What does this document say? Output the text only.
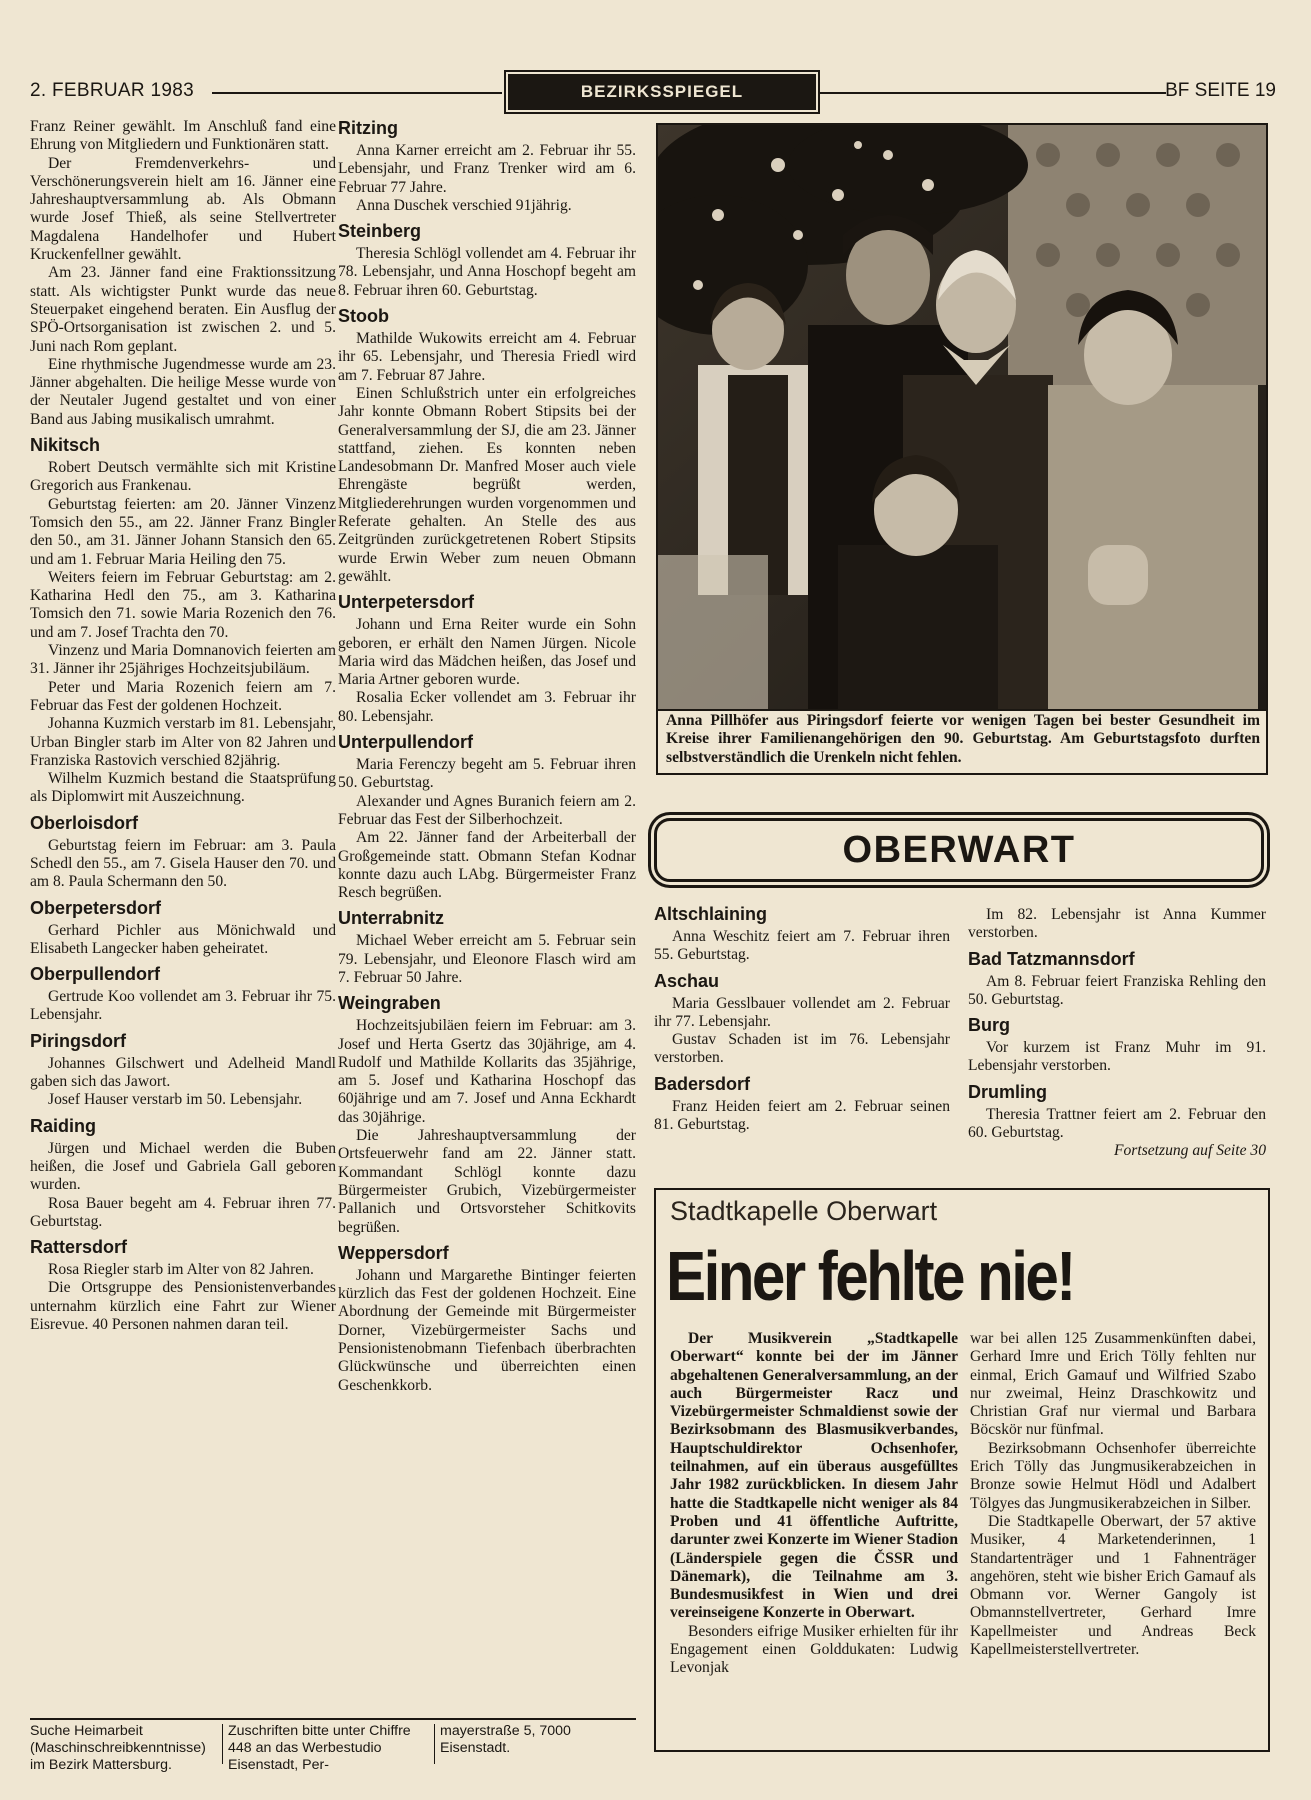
2. FEBRUAR 1983	BEZIRKSSPIEGEL	BF SEITE 19

Franz Reiner gewählt. Im Anschluß fand eine Ehrung von Mitgliedern und Funktionären statt.

Der Fremdenverkehrs- und Verschönerungsverein hielt am 16. Jänner eine Jahreshauptversammlung ab. Als Obmann wurde Josef Thieß, als seine Stellvertreter Magdalena Handelhofer und Hubert Kruckenfellner gewählt.

Am 23. Jänner fand eine Fraktionssitzung statt. Als wichtigster Punkt wurde das neue Steuerpaket eingehend beraten. Ein Ausflug der SPÖ-Ortsorganisation ist zwischen 2. und 5. Juni nach Rom geplant.

Eine rhythmische Jugendmesse wurde am 23. Jänner abgehalten. Die heilige Messe wurde von der Neutaler Jugend gestaltet und von einer Band aus Jabing musikalisch umrahmt.

Nikitsch

Robert Deutsch vermählte sich mit Kristine Gregorich aus Frankenau.

Geburtstag feierten: am 20. Jänner Vinzenz Tomsich den 55., am 22. Jänner Franz Bingler den 50., am 31. Jänner Johann Stansich den 65. und am 1. Februar Maria Heiling den 75.

Weiters feiern im Februar Geburtstag: am 2. Katharina Hedl den 75., am 3. Katharina Tomsich den 71. sowie Maria Rozenich den 76. und am 7. Josef Trachta den 70.

Vinzenz und Maria Domnanovich feierten am 31. Jänner ihr 25jähriges Hochzeitsjubiläum.

Peter und Maria Rozenich feiern am 7. Februar das Fest der goldenen Hochzeit.

Johanna Kuzmich verstarb im 81. Lebensjahr, Urban Bingler starb im Alter von 82 Jahren und Franziska Rastovich verschied 82jährig.

Wilhelm Kuzmich bestand die Staatsprüfung als Diplomwirt mit Auszeichnung.

Oberloisdorf

Geburtstag feiern im Februar: am 3. Paula Schedl den 55., am 7. Gisela Hauser den 70. und am 8. Paula Schermann den 50.

Oberpetersdorf

Gerhard Pichler aus Mönichwald und Elisabeth Langecker haben geheiratet.

Oberpullendorf

Gertrude Koo vollendet am 3. Februar ihr 75. Lebensjahr.

Piringsdorf

Johannes Gilschwert und Adelheid Mandl gaben sich das Jawort.

Josef Hauser verstarb im 50. Lebensjahr.

Raiding

Jürgen und Michael werden die Buben heißen, die Josef und Gabriela Gall geboren wurden.

Rosa Bauer begeht am 4. Februar ihren 77. Geburtstag.

Rattersdorf

Rosa Riegler starb im Alter von 82 Jahren.

Die Ortsgruppe des Pensionistenverbandes unternahm kürzlich eine Fahrt zur Wiener Eisrevue. 40 Personen nahmen daran teil.

Ritzing

Anna Karner erreicht am 2. Februar ihr 55. Lebensjahr, und Franz Trenker wird am 6. Februar 77 Jahre.

Anna Duschek verschied 91jährig.

Steinberg

Theresia Schlögl vollendet am 4. Februar ihr 78. Lebensjahr, und Anna Hoschopf begeht am 8. Februar ihren 60. Geburtstag.

Stoob

Mathilde Wukowits erreicht am 4. Februar ihr 65. Lebensjahr, und Theresia Friedl wird am 7. Februar 87 Jahre.

Einen Schlußstrich unter ein erfolgreiches Jahr konnte Obmann Robert Stipsits bei der Generalversammlung der SJ, die am 23. Jänner stattfand, ziehen. Es konnten neben Landesobmann Dr. Manfred Moser auch viele Ehrengäste begrüßt werden, Mitgliederehrungen wurden vorgenommen und Referate gehalten. An Stelle des aus Zeitgründen zurückgetretenen Robert Stipsits wurde Erwin Weber zum neuen Obmann gewählt.

Unterpetersdorf

Johann und Erna Reiter wurde ein Sohn geboren, er erhält den Namen Jürgen. Nicole Maria wird das Mädchen heißen, das Josef und Maria Artner geboren wurde.

Rosalia Ecker vollendet am 3. Februar ihr 80. Lebensjahr.

Unterpullendorf

Maria Ferenczy begeht am 5. Februar ihren 50. Geburtstag.

Alexander und Agnes Buranich feiern am 2. Februar das Fest der Silberhochzeit.

Am 22. Jänner fand der Arbeiterball der Großgemeinde statt. Obmann Stefan Kodnar konnte dazu auch LAbg. Bürgermeister Franz Resch begrüßen.

Unterrabnitz

Michael Weber erreicht am 5. Februar sein 79. Lebensjahr, und Eleonore Flasch wird am 7. Februar 50 Jahre.

Weingraben

Hochzeitsjubiläen feiern im Februar: am 3. Josef und Herta Gsertz das 30jährige, am 4. Rudolf und Mathilde Kollarits das 35jährige, am 5. Josef und Katharina Hoschopf das 60jährige und am 7. Josef und Anna Eckhardt das 30jährige.

Die Jahreshauptversammlung der Ortsfeuerwehr fand am 22. Jänner statt. Kommandant Schlögl konnte dazu Bürgermeister Grubich, Vizebürgermeister Pallanich und Ortsvorsteher Schitkovits begrüßen.

Weppersdorf

Johann und Margarethe Bintinger feierten kürzlich das Fest der goldenen Hochzeit. Eine Abordnung der Gemeinde mit Bürgermeister Dorner, Vizebürgermeister Sachs und Pensionistenobmann Tiefenbach überbrachten Glückwünsche und überreichten einen Geschenkkorb.

Anna Pillhöfer aus Piringsdorf feierte vor wenigen Tagen bei bester Gesundheit im Kreise ihrer Familienangehörigen den 90. Geburtstag. Am Geburtstagsfoto durften selbstverständlich die Urenkeln nicht fehlen.
OBERWART
Altschlaining

Anna Weschitz feiert am 7. Februar ihren 55. Geburtstag.

Aschau

Maria Gesslbauer vollendet am 2. Februar ihr 77. Lebensjahr.

Gustav Schaden ist im 76. Lebensjahr verstorben.

Badersdorf

Franz Heiden feiert am 2. Februar seinen 81. Geburtstag.

Im 82. Lebensjahr ist Anna Kummer verstorben.

Bad Tatzmannsdorf

Am 8. Februar feiert Franziska Rehling den 50. Geburtstag.

Burg

Vor kurzem ist Franz Muhr im 91. Lebensjahr verstorben.

Drumling

Theresia Trattner feiert am 2. Februar den 60. Geburtstag.

Fortsetzung auf Seite 30

Stadtkapelle Oberwart
Einer fehlte nie!

Der Musikverein „Stadtkapelle Oberwart“ konnte bei der im Jänner abgehaltenen Generalversammlung, an der auch Bürgermeister Racz und Vizebürgermeister Schmaldienst sowie der Bezirksobmann des Blasmusikverbandes, Hauptschuldirektor Ochsenhofer, teilnahmen, auf ein überaus ausgefülltes Jahr 1982 zurückblicken. In diesem Jahr hatte die Stadtkapelle nicht weniger als 84 Proben und 41 öffentliche Auftritte, darunter zwei Konzerte im Wiener Stadion (Länderspiele gegen die ČSSR und Dänemark), die Teilnahme am 3. Bundesmusikfest in Wien und drei vereinseigene Konzerte in Oberwart.

Besonders eifrige Musiker erhielten für ihr Engagement einen Golddukaten: Ludwig Levonjak

war bei allen 125 Zusammenkünften dabei, Gerhard Imre und Erich Tölly fehlten nur einmal, Erich Gamauf und Wilfried Szabo nur zweimal, Heinz Draschkowitz und Christian Graf nur viermal und Barbara Böcskör nur fünfmal.

Bezirksobmann Ochsenhofer überreichte Erich Tölly das Jungmusikerabzeichen in Bronze sowie Helmut Hödl und Adalbert Tölgyes das Jungmusikerabzeichen in Silber.

Die Stadtkapelle Oberwart, der 57 aktive Musiker, 4 Marketenderinnen, 1 Standartenträger und 1 Fahnenträger angehören, steht wie bisher Erich Gamauf als Obmann vor. Werner Gangoly ist Obmannstellvertreter, Gerhard Imre Kapellmeister und Andreas Beck Kapellmeisterstellvertreter.

Suche Heimarbeit (Maschinschreibkenntnisse) im Bezirk Mattersburg.
Zuschriften bitte unter Chiffre 448 an das Werbestudio Eisenstadt, Per-
mayerstraße 5, 7000 Eisenstadt.
